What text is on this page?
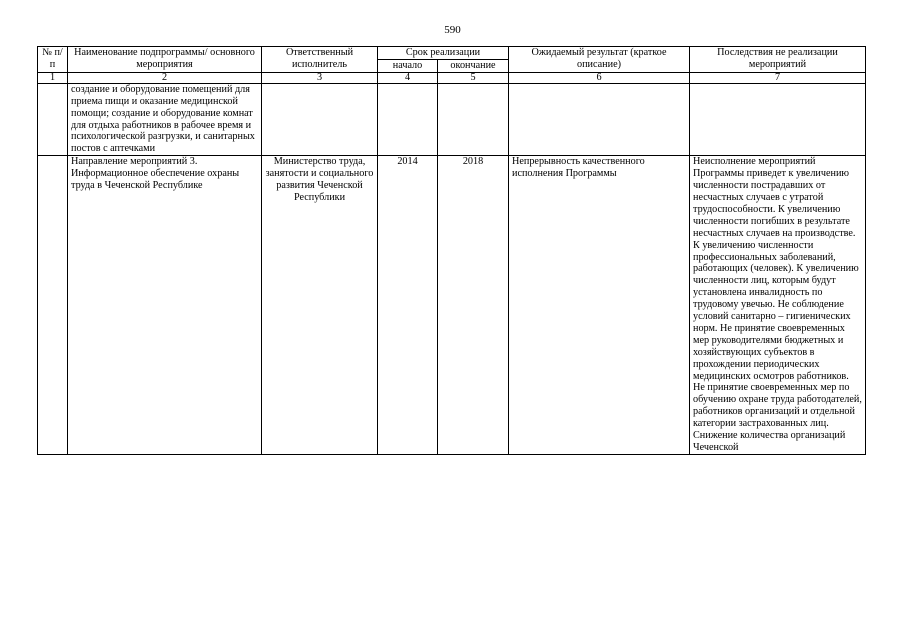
590
№ п/п	Наименование подпрограммы/ основного мероприятия	Ответственный исполнитель	Срок реализации		Ожидаемый результат (краткое описание)	Последствия не реализации мероприятий
			начало	окончание		
1	2	3	4	5	6	7
	создание и оборудование помещений для приема пищи и оказание медицинской помощи; создание и оборудование комнат для отдыха работников в рабочее время и психологической разгрузки, и санитарных постов с аптечками					
	Направление мероприятий 3. Информационное обеспечение охраны труда в Чеченской Республике	Министерство труда, занятости и социального развития Чеченской Республики	2014	2018	Непрерывность качественного исполнения Программы	Неисполнение мероприятий Программы приведет к увеличению численности пострадавших от несчастных случаев с утратой трудоспособности. К увеличению численности погибших в результате несчастных случаев на производстве. К увеличению численности профессиональных заболеваний, работающих (человек). К увеличению численности лиц, которым будут установлена инвалидность по трудовому увечью. Не соблюдение условий санитарно – гигиенических норм. Не принятие своевременных мер руководителями бюджетных и хозяйствующих субъектов в прохождении периодических медицинских осмотров работников. Не принятие своевременных мер по обучению охране труда работодателей, работников организаций и отдельной категории застрахованных лиц. Снижение количества организаций Чеченской
